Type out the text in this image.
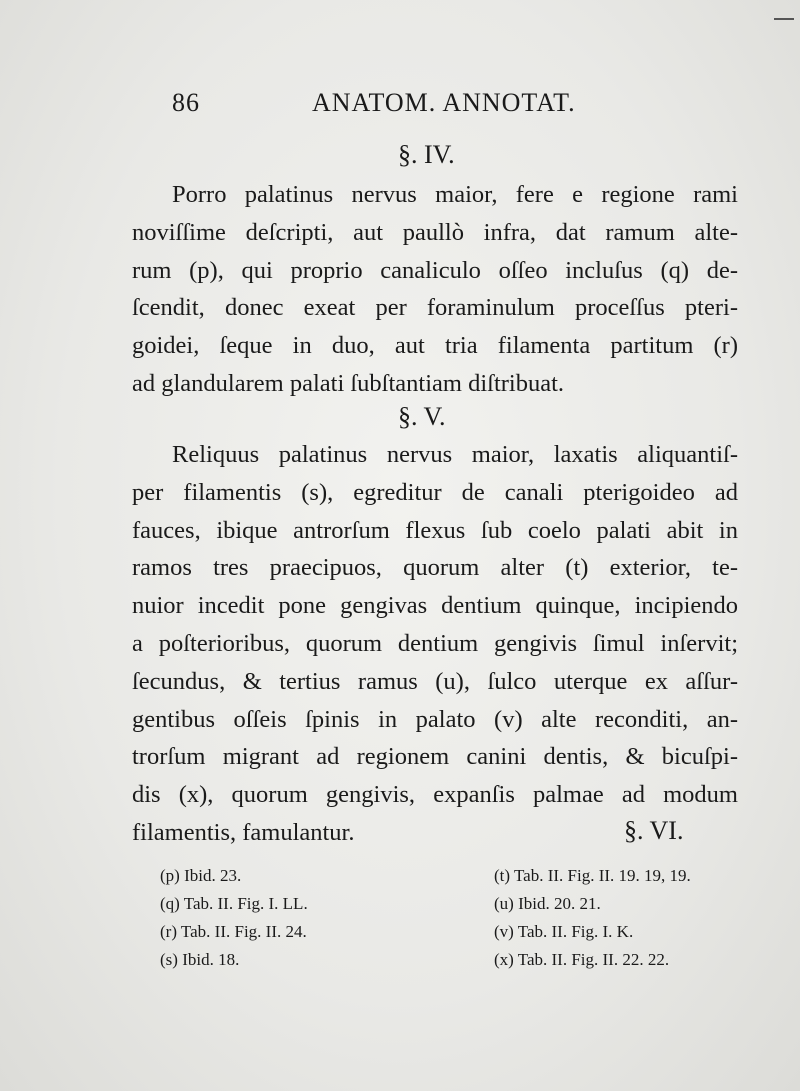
86	ANATOM. ANNOTAT.
§. IV.
Porro palatinus nervus maior, fere e regione rami
noviſſime deſcripti, aut paullò infra, dat ramum alte-
rum (p), qui proprio canaliculo oſſeo incluſus (q) de-
ſcendit, donec exeat per foraminulum proceſſus pteri-
goidei, ſeque in duo, aut tria filamenta partitum (r)
ad glandularem palati ſubſtantiam diſtribuat.
§. V.
Reliquus palatinus nervus maior, laxatis aliquantiſ-
per filamentis (s), egreditur de canali pterigoideo ad
fauces, ibique antrorſum flexus ſub coelo palati abit in
ramos tres praecipuos, quorum alter (t) exterior, te-
nuior incedit pone gengivas dentium quinque, incipiendo
a poſterioribus, quorum dentium gengivis ſimul inſervit;
ſecundus, & tertius ramus (u), ſulco uterque ex aſſur-
gentibus oſſeis ſpinis in palato (v) alte reconditi, an-
trorſum migrant ad regionem canini dentis, & bicuſpi-
dis (x), quorum gengivis, expanſis palmae ad modum
filamentis, famulantur.	§. VI.
(p) Ibid. 23.
(q) Tab. II. Fig. I. LL.
(r) Tab. II. Fig. II. 24.
(s) Ibid. 18.
(t) Tab. II. Fig. II. 19. 19, 19.
(u) Ibid. 20. 21.
(v) Tab. II. Fig. I. K.
(x) Tab. II. Fig. II. 22. 22.
